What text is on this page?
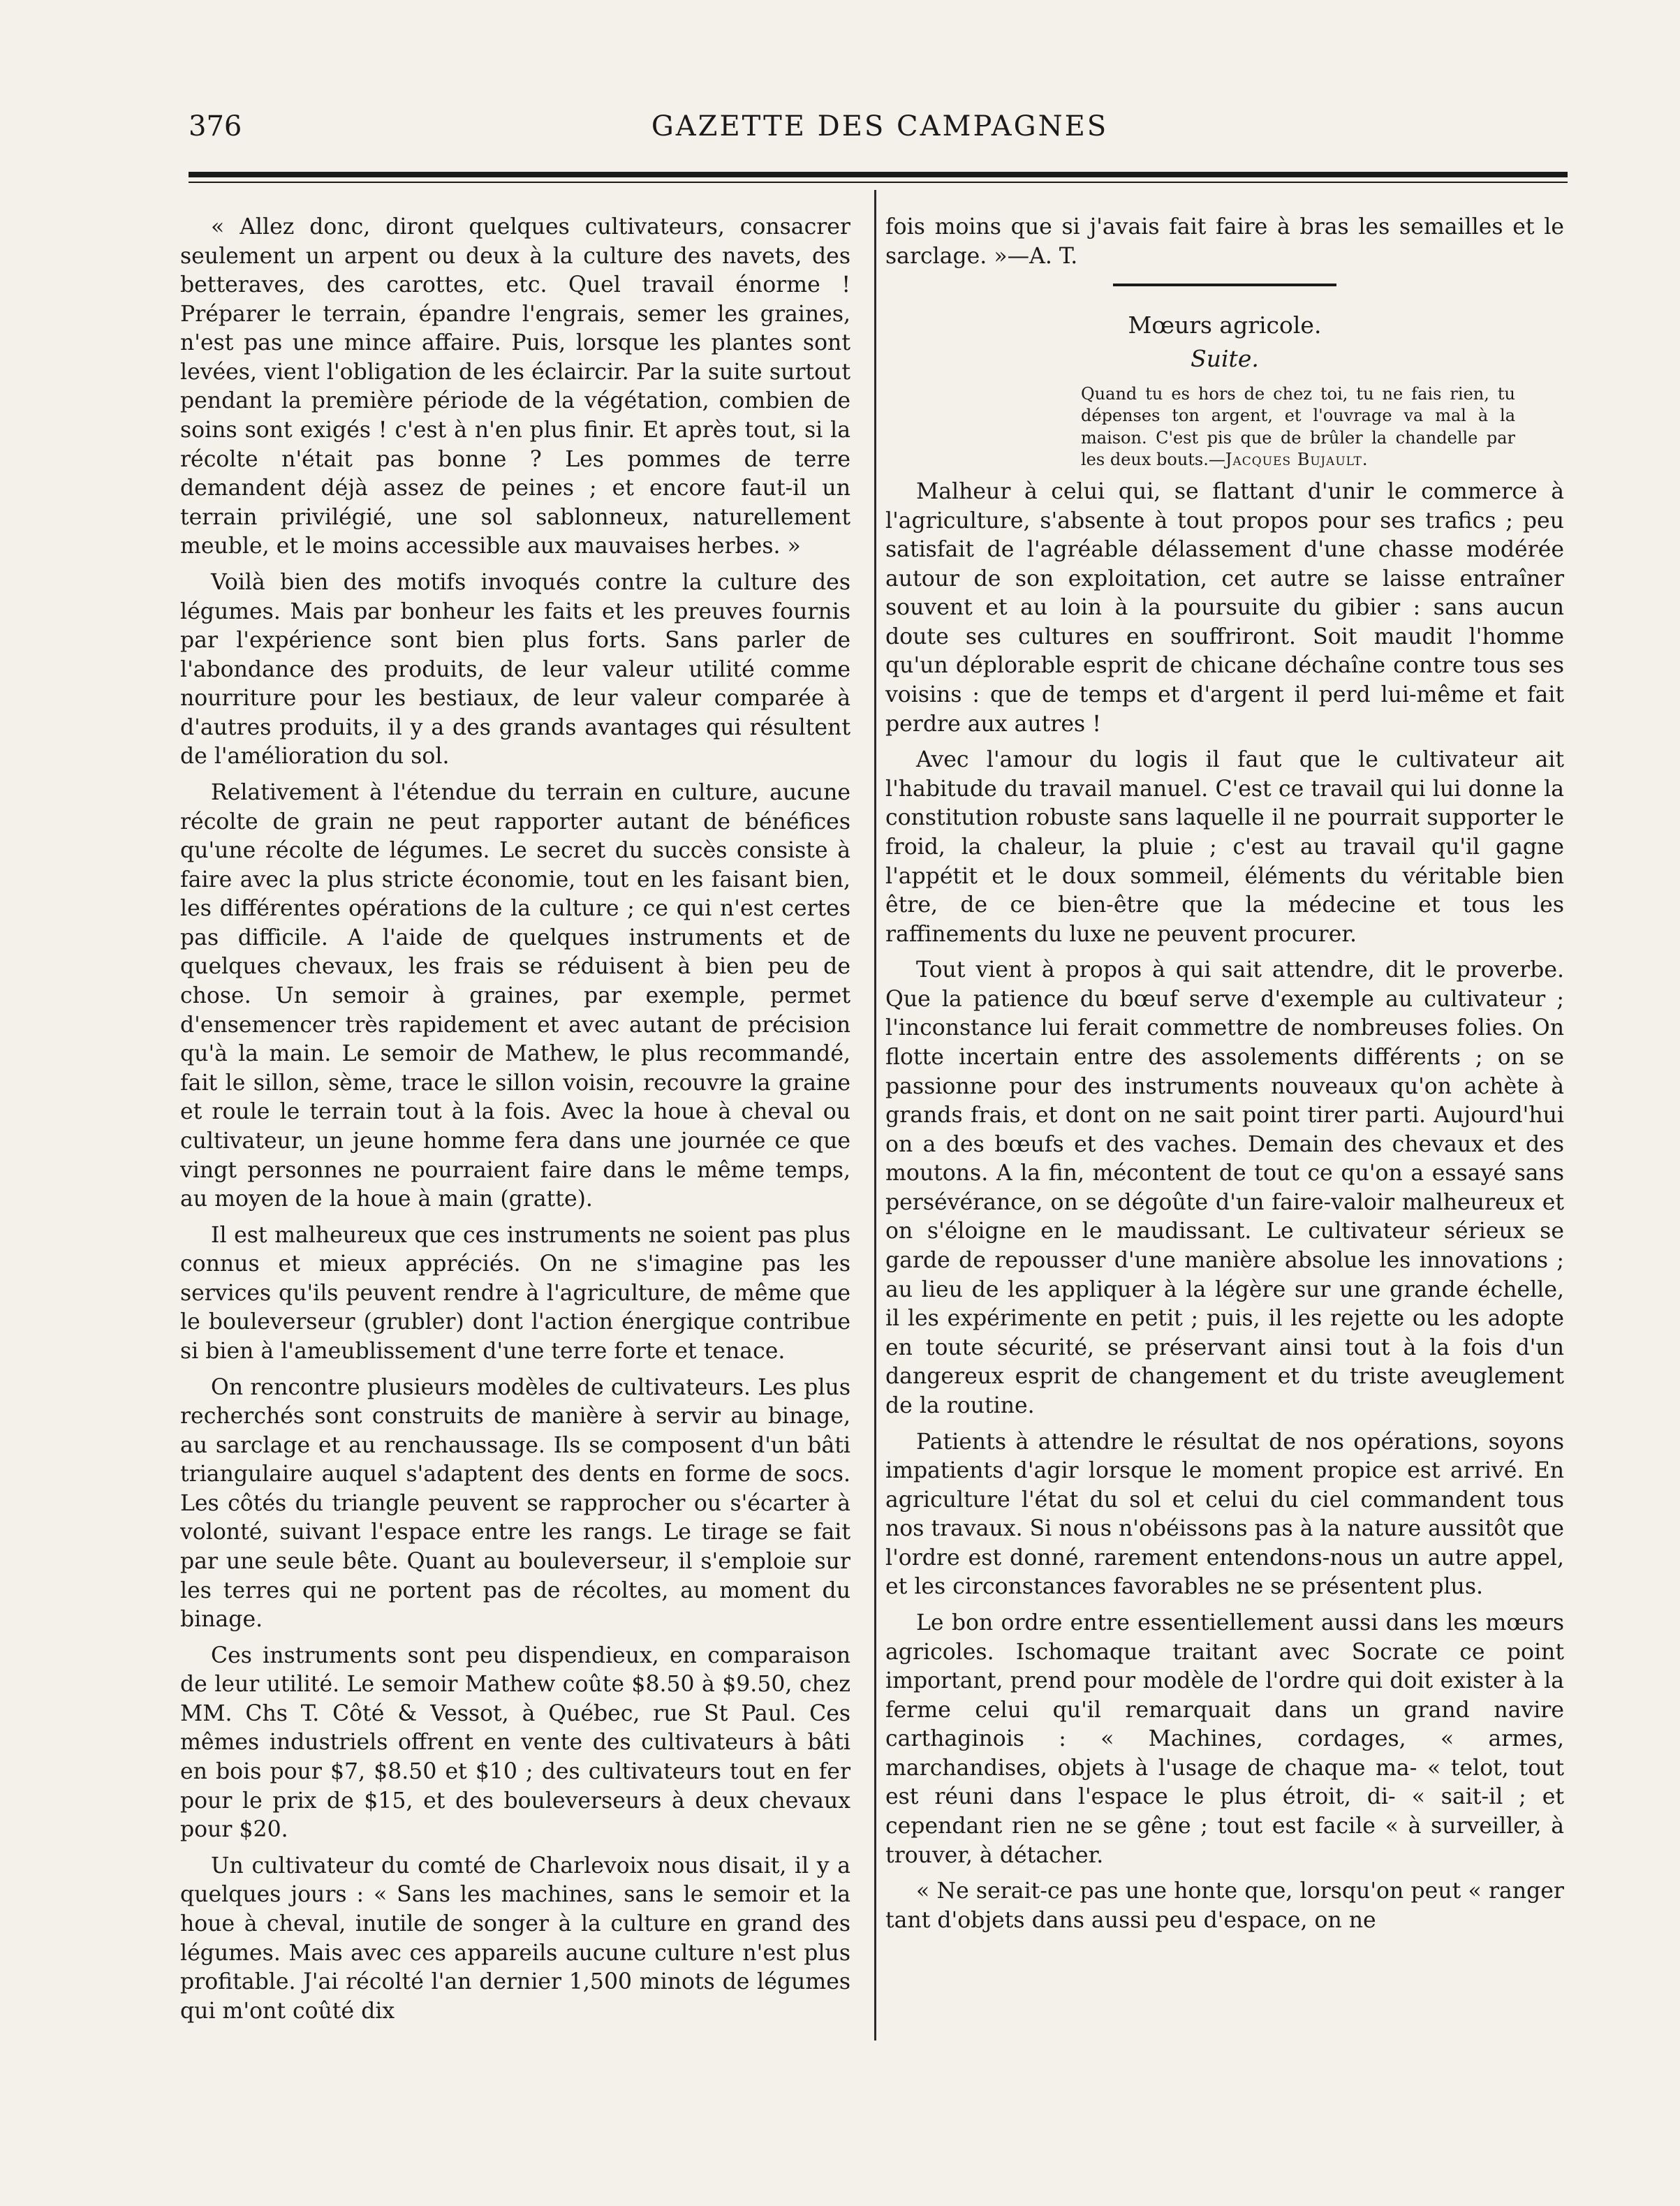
376	GAZETTE DES CAMPAGNES

« Allez donc, diront quelques cultivateurs, consacrer seulement un arpent ou deux à la culture des navets, des betteraves, des carottes, etc. Quel travail énorme ! Préparer le terrain, épandre l'engrais, semer les graines, n'est pas une mince affaire. Puis, lorsque les plantes sont levées, vient l'obligation de les éclaircir. Par la suite surtout pendant la première période de la végétation, combien de soins sont exigés ! c'est à n'en plus finir. Et après tout, si la récolte n'était pas bonne ? Les pommes de terre demandent déjà assez de peines ; et encore faut-il un terrain privilégié, une sol sablonneux, naturellement meuble, et le moins accessible aux mauvaises herbes. »

Voilà bien des motifs invoqués contre la culture des légumes. Mais par bonheur les faits et les preuves fournis par l'expérience sont bien plus forts. Sans parler de l'abondance des produits, de leur valeur utilité comme nourriture pour les bestiaux, de leur valeur comparée à d'autres produits, il y a des grands avantages qui résultent de l'amélioration du sol.

Relativement à l'étendue du terrain en culture, aucune récolte de grain ne peut rapporter autant de bénéfices qu'une récolte de légumes. Le secret du succès consiste à faire avec la plus stricte économie, tout en les faisant bien, les différentes opérations de la culture ; ce qui n'est certes pas difficile. A l'aide de quelques instruments et de quelques chevaux, les frais se réduisent à bien peu de chose. Un semoir à graines, par exemple, permet d'ensemencer très rapidement et avec autant de précision qu'à la main. Le semoir de Mathew, le plus recommandé, fait le sillon, sème, trace le sillon voisin, recouvre la graine et roule le terrain tout à la fois. Avec la houe à cheval ou cultivateur, un jeune homme fera dans une journée ce que vingt personnes ne pourraient faire dans le même temps, au moyen de la houe à main (gratte).

Il est malheureux que ces instruments ne soient pas plus connus et mieux appréciés. On ne s'imagine pas les services qu'ils peuvent rendre à l'agriculture, de même que le bouleverseur (grubler) dont l'action énergique contribue si bien à l'ameublissement d'une terre forte et tenace.

On rencontre plusieurs modèles de cultivateurs. Les plus recherchés sont construits de manière à servir au binage, au sarclage et au renchaussage. Ils se composent d'un bâti triangulaire auquel s'adaptent des dents en forme de socs. Les côtés du triangle peuvent se rapprocher ou s'écarter à volonté, suivant l'espace entre les rangs. Le tirage se fait par une seule bête. Quant au bouleverseur, il s'emploie sur les terres qui ne portent pas de récoltes, au moment du binage.

Ces instruments sont peu dispendieux, en comparaison de leur utilité. Le semoir Mathew coûte $8.50 à $9.50, chez MM. Chs T. Côté & Vessot, à Québec, rue St Paul. Ces mêmes industriels offrent en vente des cultivateurs à bâti en bois pour $7, $8.50 et $10 ; des cultivateurs tout en fer pour le prix de $15, et des bouleverseurs à deux chevaux pour $20.

Un cultivateur du comté de Charlevoix nous disait, il y a quelques jours : « Sans les machines, sans le semoir et la houe à cheval, inutile de songer à la culture en grand des légumes. Mais avec ces appareils aucune culture n'est plus profitable. J'ai récolté l'an dernier 1,500 minots de légumes qui m'ont coûté dix

fois moins que si j'avais fait faire à bras les semailles et le sarclage. »—A. T.

Mœurs agricole.
Suite.
Quand tu es hors de chez toi, tu ne fais rien, tu dépenses ton argent, et l'ouvrage va mal à la maison. C'est pis que de brûler la chandelle par les deux bouts.—Jacques Bujault.

Malheur à celui qui, se flattant d'unir le commerce à l'agriculture, s'absente à tout propos pour ses trafics ; peu satisfait de l'agréable délassement d'une chasse modérée autour de son exploitation, cet autre se laisse entraîner souvent et au loin à la poursuite du gibier : sans aucun doute ses cultures en souffriront. Soit maudit l'homme qu'un déplorable esprit de chicane déchaîne contre tous ses voisins : que de temps et d'argent il perd lui-même et fait perdre aux autres !

Avec l'amour du logis il faut que le cultivateur ait l'habitude du travail manuel. C'est ce travail qui lui donne la constitution robuste sans laquelle il ne pourrait supporter le froid, la chaleur, la pluie ; c'est au travail qu'il gagne l'appétit et le doux sommeil, éléments du véritable bien être, de ce bien-être que la médecine et tous les raffinements du luxe ne peuvent procurer.

Tout vient à propos à qui sait attendre, dit le proverbe. Que la patience du bœuf serve d'exemple au cultivateur ; l'inconstance lui ferait commettre de nombreuses folies. On flotte incertain entre des assolements différents ; on se passionne pour des instruments nouveaux qu'on achète à grands frais, et dont on ne sait point tirer parti. Aujourd'hui on a des bœufs et des vaches. Demain des chevaux et des moutons. A la fin, mécontent de tout ce qu'on a essayé sans persévérance, on se dégoûte d'un faire-valoir malheureux et on s'éloigne en le maudissant. Le cultivateur sérieux se garde de repousser d'une manière absolue les innovations ; au lieu de les appliquer à la légère sur une grande échelle, il les expérimente en petit ; puis, il les rejette ou les adopte en toute sécurité, se préservant ainsi tout à la fois d'un dangereux esprit de changement et du triste aveuglement de la routine.

Patients à attendre le résultat de nos opérations, soyons impatients d'agir lorsque le moment propice est arrivé. En agriculture l'état du sol et celui du ciel commandent tous nos travaux. Si nous n'obéissons pas à la nature aussitôt que l'ordre est donné, rarement entendons-nous un autre appel, et les circonstances favorables ne se présentent plus.

Le bon ordre entre essentiellement aussi dans les mœurs agricoles. Ischomaque traitant avec Socrate ce point important, prend pour modèle de l'ordre qui doit exister à la ferme celui qu'il remarquait dans un grand navire carthaginois : « Machines, cordages, « armes, marchandises, objets à l'usage de chaque ma- « telot, tout est réuni dans l'espace le plus étroit, di- « sait-il ; et cependant rien ne se gêne ; tout est facile « à surveiller, à trouver, à détacher.

« Ne serait-ce pas une honte que, lorsqu'on peut « ranger tant d'objets dans aussi peu d'espace, on ne
